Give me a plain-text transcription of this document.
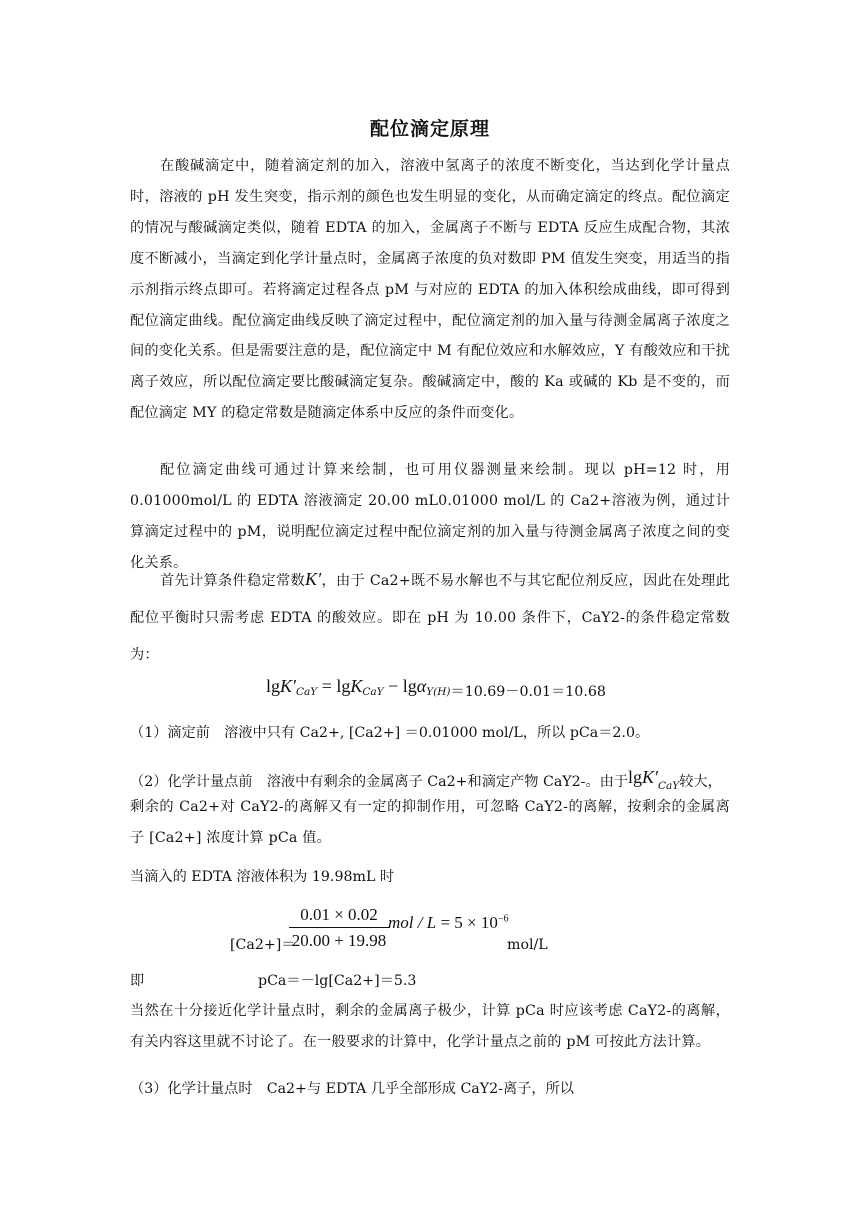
配位滴定原理
在酸碱滴定中，随着滴定剂的加入，溶液中氢离子的浓度不断变化，当达到化学计量点时，溶液的 pH 发生突变，指示剂的颜色也发生明显的变化，从而确定滴定的终点。配位滴定的情况与酸碱滴定类似，随着 EDTA 的加入，金属离子不断与 EDTA 反应生成配合物，其浓度不断减小，当滴定到化学计量点时，金属离子浓度的负对数即 PM 值发生突变，用适当的指示剂指示终点即可。若将滴定过程各点 pM 与对应的 EDTA 的加入体积绘成曲线，即可得到配位滴定曲线。配位滴定曲线反映了滴定过程中，配位滴定剂的加入量与待测金属离子浓度之间的变化关系。但是需要注意的是，配位滴定中 M 有配位效应和水解效应，Y 有酸效应和干扰离子效应，所以配位滴定要比酸碱滴定复杂。酸碱滴定中，酸的 Ka 或碱的 Kb 是不变的，而配位滴定 MY 的稳定常数是随滴定体系中反应的条件而变化。
配位滴定曲线可通过计算来绘制，也可用仪器测量来绘制。现以 pH=12 时，用 0.01000mol/L 的 EDTA 溶液滴定 20.00 mL0.01000 mol/L 的 Ca2+溶液为例，通过计算滴定过程中的 pM，说明配位滴定过程中配位滴定剂的加入量与待测金属离子浓度之间的变化关系。
首先计算条件稳定常数K′，由于 Ca2+既不易水解也不与其它配位剂反应，因此在处理此配位平衡时只需考虑 EDTA 的酸效应。即在 pH 为 10.00 条件下，CaY2-的条件稳定常数为：
$\lg K'_{CaY} = \lg K_{CaY} - \lg\alpha_{Y(H)}=10.69-0.01=10.68$
（1）滴定前　溶液中只有 Ca2+, [Ca2+] ＝0.01000 mol/L，所以 pCa＝2.0。
（2）化学计量点前　溶液中有剩余的金属离子 Ca2+和滴定产物 CaY2-。由于$\lg K'_{CaY}$较大，
剩余的 Ca2+对 CaY2-的离解又有一定的抑制作用，可忽略 CaY2-的离解，按剩余的金属离子 [Ca2+] 浓度计算 pCa 值。
当滴入的 EDTA 溶液体积为 19.98mL 时
[Ca2+]＝
0.01 × 0.02
20.00 + 19.98
mol / $L = 5 \times 10^{-6}$
mol/L
即	pCa＝－lg[Ca2+]＝5.3
当然在十分接近化学计量点时，剩余的金属离子极少，计算 pCa 时应该考虑 CaY2-的离解，有关内容这里就不讨论了。在一般要求的计算中，化学计量点之前的 pM 可按此方法计算。
（3）化学计量点时　Ca2+与 EDTA 几乎全部形成 CaY2-离子，所以
